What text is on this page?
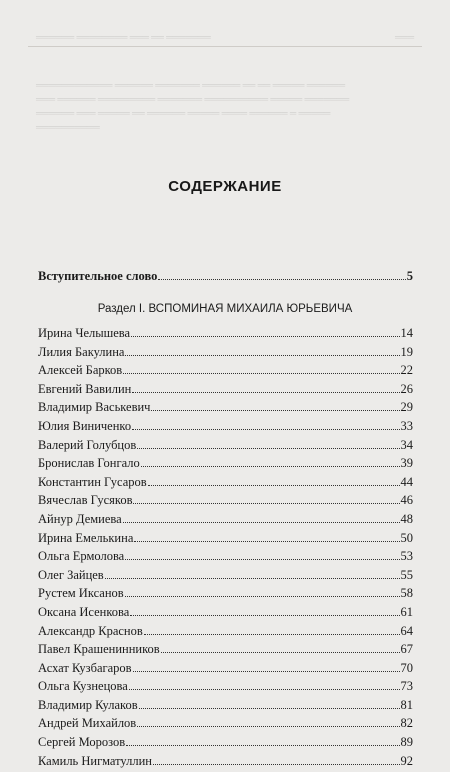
══════ ════════ ═══ ══ ═══════	═══
════════════ ══════ ═══════ ══════ ══ ══ ═════ ══════
═══ ══════ ═════════ ═══════ ══════════ ═════ ═══════
══════ ═══ ═════ ══ ══════ ═════ ════ ══════ ═ ═════
══════════
СОДЕРЖАНИЕ
Вступительное слово	5
Раздел I. ВСПОМИНАЯ МИХАИЛА ЮРЬЕВИЧА
Ирина Челышева	14
Лилия Бакулина	19
Алексей Барков	22
Евгений Вавилин	26
Владимир Васькевич	29
Юлия Виниченко	33
Валерий Голубцов	34
Бронислав Гонгало	39
Константин Гусаров	44
Вячеслав Гусяков	46
Айнур Демиева	48
Ирина Емелькина	50
Ольга Ермолова	53
Олег Зайцев	55
Рустем Иксанов	58
Оксана Исенкова	61
Александр Краснов	64
Павел Крашенинников	67
Асхат Кузбагаров	70
Ольга Кузнецова	73
Владимир Кулаков	81
Андрей Михайлов	82
Сергей Морозов	89
Камиль Нигматуллин	92
